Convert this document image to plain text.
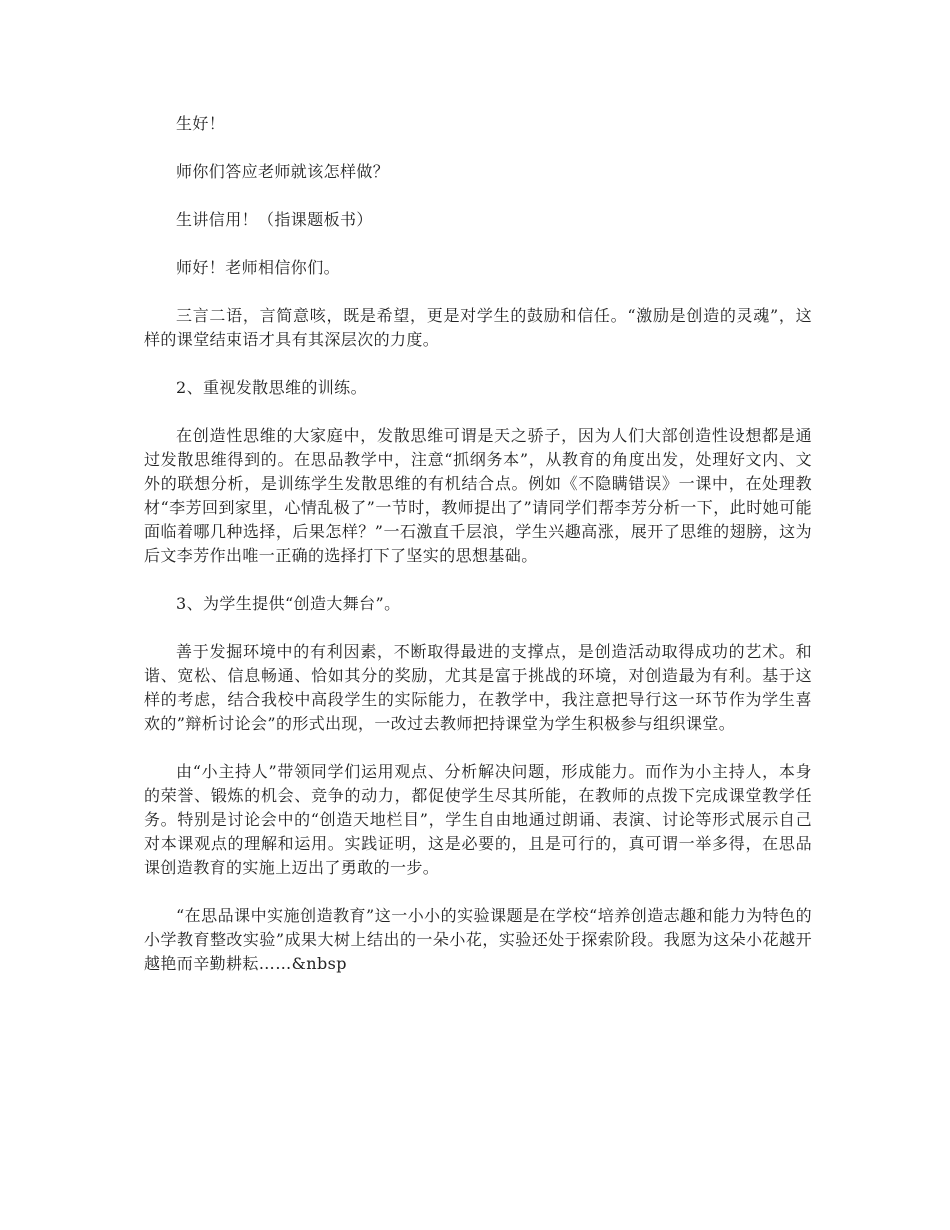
生好！

师你们答应老师就该怎样做？

生讲信用！（指课题板书）

师好！老师相信你们。

三言二语，言简意咳，既是希望，更是对学生的鼓励和信任。“激励是创造的灵魂”，这样的课堂结束语才具有其深层次的力度。

2、重视发散思维的训练。

在创造性思维的大家庭中，发散思维可谓是天之骄子，因为人们大部创造性设想都是通过发散思维得到的。在思品教学中，注意“抓纲务本”，从教育的角度出发，处理好文内、文外的联想分析，是训练学生发散思维的有机结合点。例如《不隐瞒错误》一课中，在处理教材“李芳回到家里，心情乱极了”一节时，教师提出了”请同学们帮李芳分析一下，此时她可能面临着哪几种选择，后果怎样？”一石激直千层浪，学生兴趣高涨，展开了思维的翅膀，这为后文李芳作出唯一正确的选择打下了坚实的思想基础。

3、为学生提供“创造大舞台”。

善于发掘环境中的有利因素，不断取得最进的支撑点，是创造活动取得成功的艺术。和谐、宽松、信息畅通、恰如其分的奖励，尤其是富于挑战的环境，对创造最为有利。基于这样的考虑，结合我校中高段学生的实际能力，在教学中，我注意把导行这一环节作为学生喜欢的”辩析讨论会”的形式出现，一改过去教师把持课堂为学生积极参与组织课堂。

由“小主持人”带领同学们运用观点、分析解决问题，形成能力。而作为小主持人，本身的荣誉、锻炼的机会、竞争的动力，都促使学生尽其所能，在教师的点拨下完成课堂教学任务。特别是讨论会中的“创造天地栏目”，学生自由地通过朗诵、表演、讨论等形式展示自己对本课观点的理解和运用。实践证明，这是必要的，且是可行的，真可谓一举多得，在思品课创造教育的实施上迈出了勇敢的一步。

“在思品课中实施创造教育”这一小小的实验课题是在学校“培养创造志趣和能力为特色的小学教育整改实验”成果大树上结出的一朵小花，实验还处于探索阶段。我愿为这朵小花越开越艳而辛勤耕耘……&nbsp
